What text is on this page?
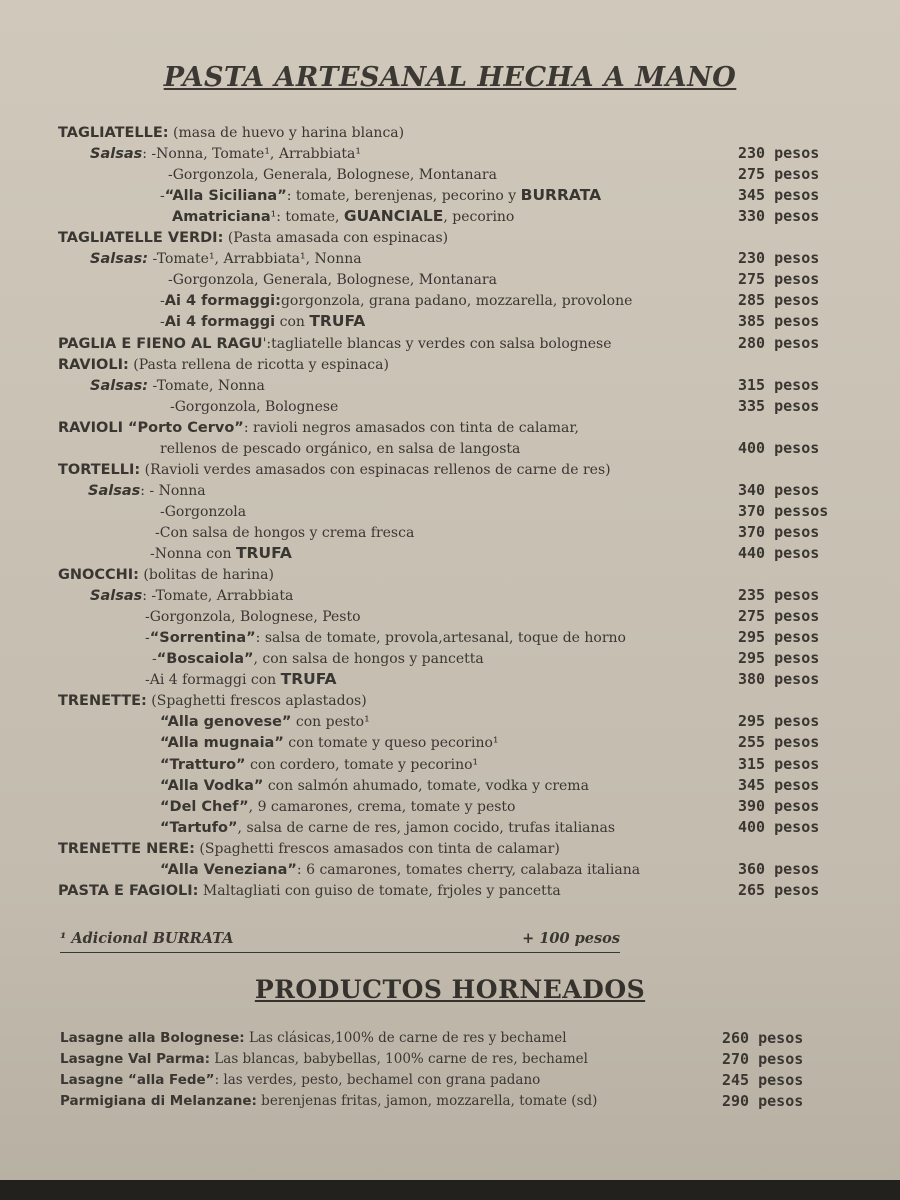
PASTA ARTESANAL HECHA A MANO
TAGLIATELLE: (masa de huevo y harina blanca)
Salsas: -Nonna, Tomate¹, Arrabbiata¹	230 pesos
-Gorgonzola, Generala, Bolognese, Montanara	275 pesos
-“Alla Siciliana”: tomate, berenjenas, pecorino y BURRATA	345 pesos
Amatriciana¹: tomate, GUANCIALE, pecorino	330 pesos
TAGLIATELLE VERDI: (Pasta amasada con espinacas)
Salsas: -Tomate¹, Arrabbiata¹, Nonna	230 pesos
-Gorgonzola, Generala, Bolognese, Montanara	275 pesos
-Ai 4 formaggi:gorgonzola, grana padano, mozzarella, provolone	285 pesos
-Ai 4 formaggi con TRUFA	385 pesos
PAGLIA E FIENO AL RAGU':tagliatelle blancas y verdes con salsa bolognese	280 pesos
RAVIOLI: (Pasta rellena de ricotta y espinaca)
Salsas: -Tomate, Nonna	315 pesos
-Gorgonzola, Bolognese	335 pesos
RAVIOLI “Porto Cervo”: ravioli negros amasados con tinta de calamar,
rellenos de pescado orgánico, en salsa de langosta	400 pesos
TORTELLI: (Ravioli verdes amasados con espinacas rellenos de carne de res)
Salsas: - Nonna	340 pesos
-Gorgonzola	370 pessos
-Con salsa de hongos y crema fresca	370 pesos
-Nonna con TRUFA	440 pesos
GNOCCHI: (bolitas de harina)
Salsas: -Tomate, Arrabbiata	235 pesos
-Gorgonzola, Bolognese, Pesto	275 pesos
-“Sorrentina”: salsa de tomate, provola,artesanal, toque de horno	295 pesos
-“Boscaiola”, con salsa de hongos y pancetta	295 pesos
-Ai 4 formaggi con TRUFA	380 pesos
TRENETTE: (Spaghetti frescos aplastados)
“Alla genovese” con pesto¹	295 pesos
“Alla mugnaia” con tomate y queso pecorino¹	255 pesos
“Tratturo” con cordero, tomate y pecorino¹	315 pesos
“Alla Vodka” con salmón ahumado, tomate, vodka y crema	345 pesos
“Del Chef”, 9 camarones, crema, tomate y pesto	390 pesos
“Tartufo”, salsa de carne de res, jamon cocido, trufas italianas	400 pesos
TRENETTE NERE: (Spaghetti frescos amasados con tinta de calamar)
“Alla Veneziana”: 6 camarones, tomates cherry, calabaza italiana	360 pesos
PASTA E FAGIOLI: Maltagliati con guiso de tomate, frjoles y pancetta	265 pesos
¹ Adicional BURRATA	+ 100 pesos
PRODUCTOS HORNEADOS
Lasagne alla Bolognese: Las clásicas,100% de carne de res y bechamel	260 pesos
Lasagne Val Parma: Las blancas, babybellas, 100% carne de res, bechamel	270 pesos
Lasagne “alla Fede”: las verdes, pesto, bechamel con grana padano	245 pesos
Parmigiana di Melanzane: berenjenas fritas, jamon, mozzarella, tomate (sd)	290 pesos
